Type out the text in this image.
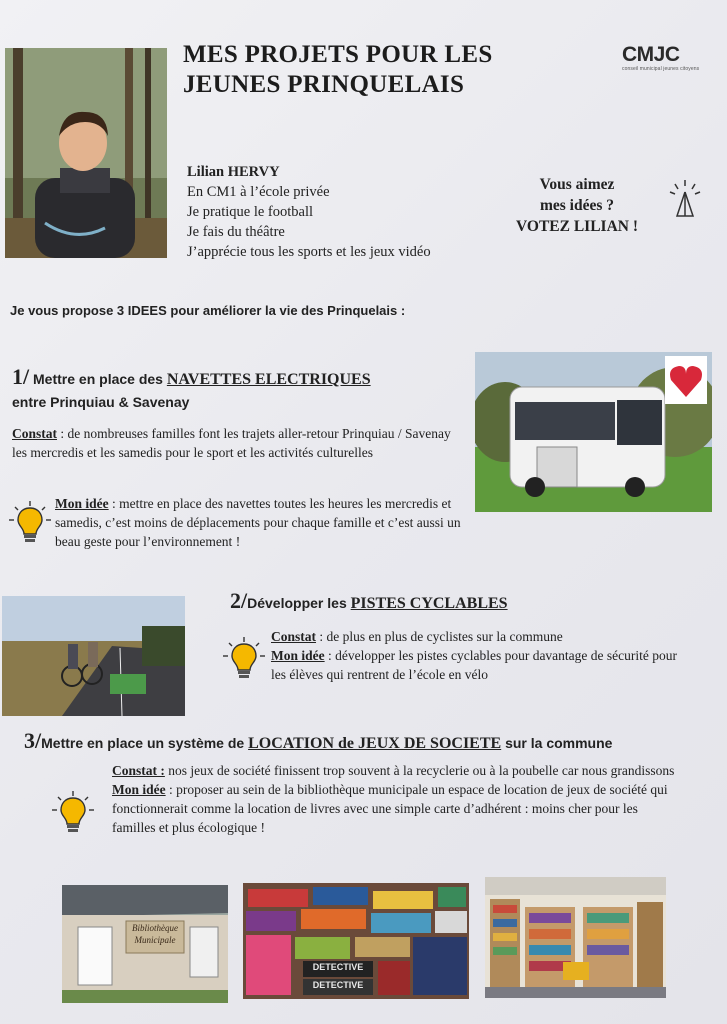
MES PROJETS POUR LES
JEUNES PRINQUELAIS
CMJC
conseil municipal jeunes citoyens
Lilian HERVY
En CM1 à l’école privée
Je pratique le football
Je fais du théâtre
J’apprécie tous les sports et les jeux vidéo
Vous aimez
mes idées ?
VOTEZ LILIAN !
Je vous propose 3 IDEES pour améliorer la vie des Prinquelais :
1/ Mettre en place des NAVETTES ELECTRIQUES
entre Prinquiau & Savenay
Constat : de nombreuses familles font les trajets aller-retour Prinquiau / Savenay les mercredis et les samedis pour le sport et les activités culturelles
Mon idée : mettre en place des navettes toutes les heures les mercredis et samedis, c’est moins de déplacements pour chaque famille et c’est aussi un beau geste pour l’environnement !
2/Développer les PISTES CYCLABLES
Constat : de plus en plus de cyclistes sur la commune
Mon idée : développer les pistes cyclables pour davantage de sécurité pour les élèves qui rentrent de l’école en vélo
3/Mettre en place un système de LOCATION de JEUX DE SOCIETE sur la commune
Constat : nos jeux de société finissent trop souvent à la recyclerie ou à la poubelle car nous grandissons
Mon idée : proposer au sein de la bibliothèque municipale un espace de location de jeux de société qui fonctionnerait comme la location de livres avec une simple carte d’adhérent : moins cher pour les familles et plus écologique !
Bibliothèque
Municipale
DETECTIVE
DETECTIVE
